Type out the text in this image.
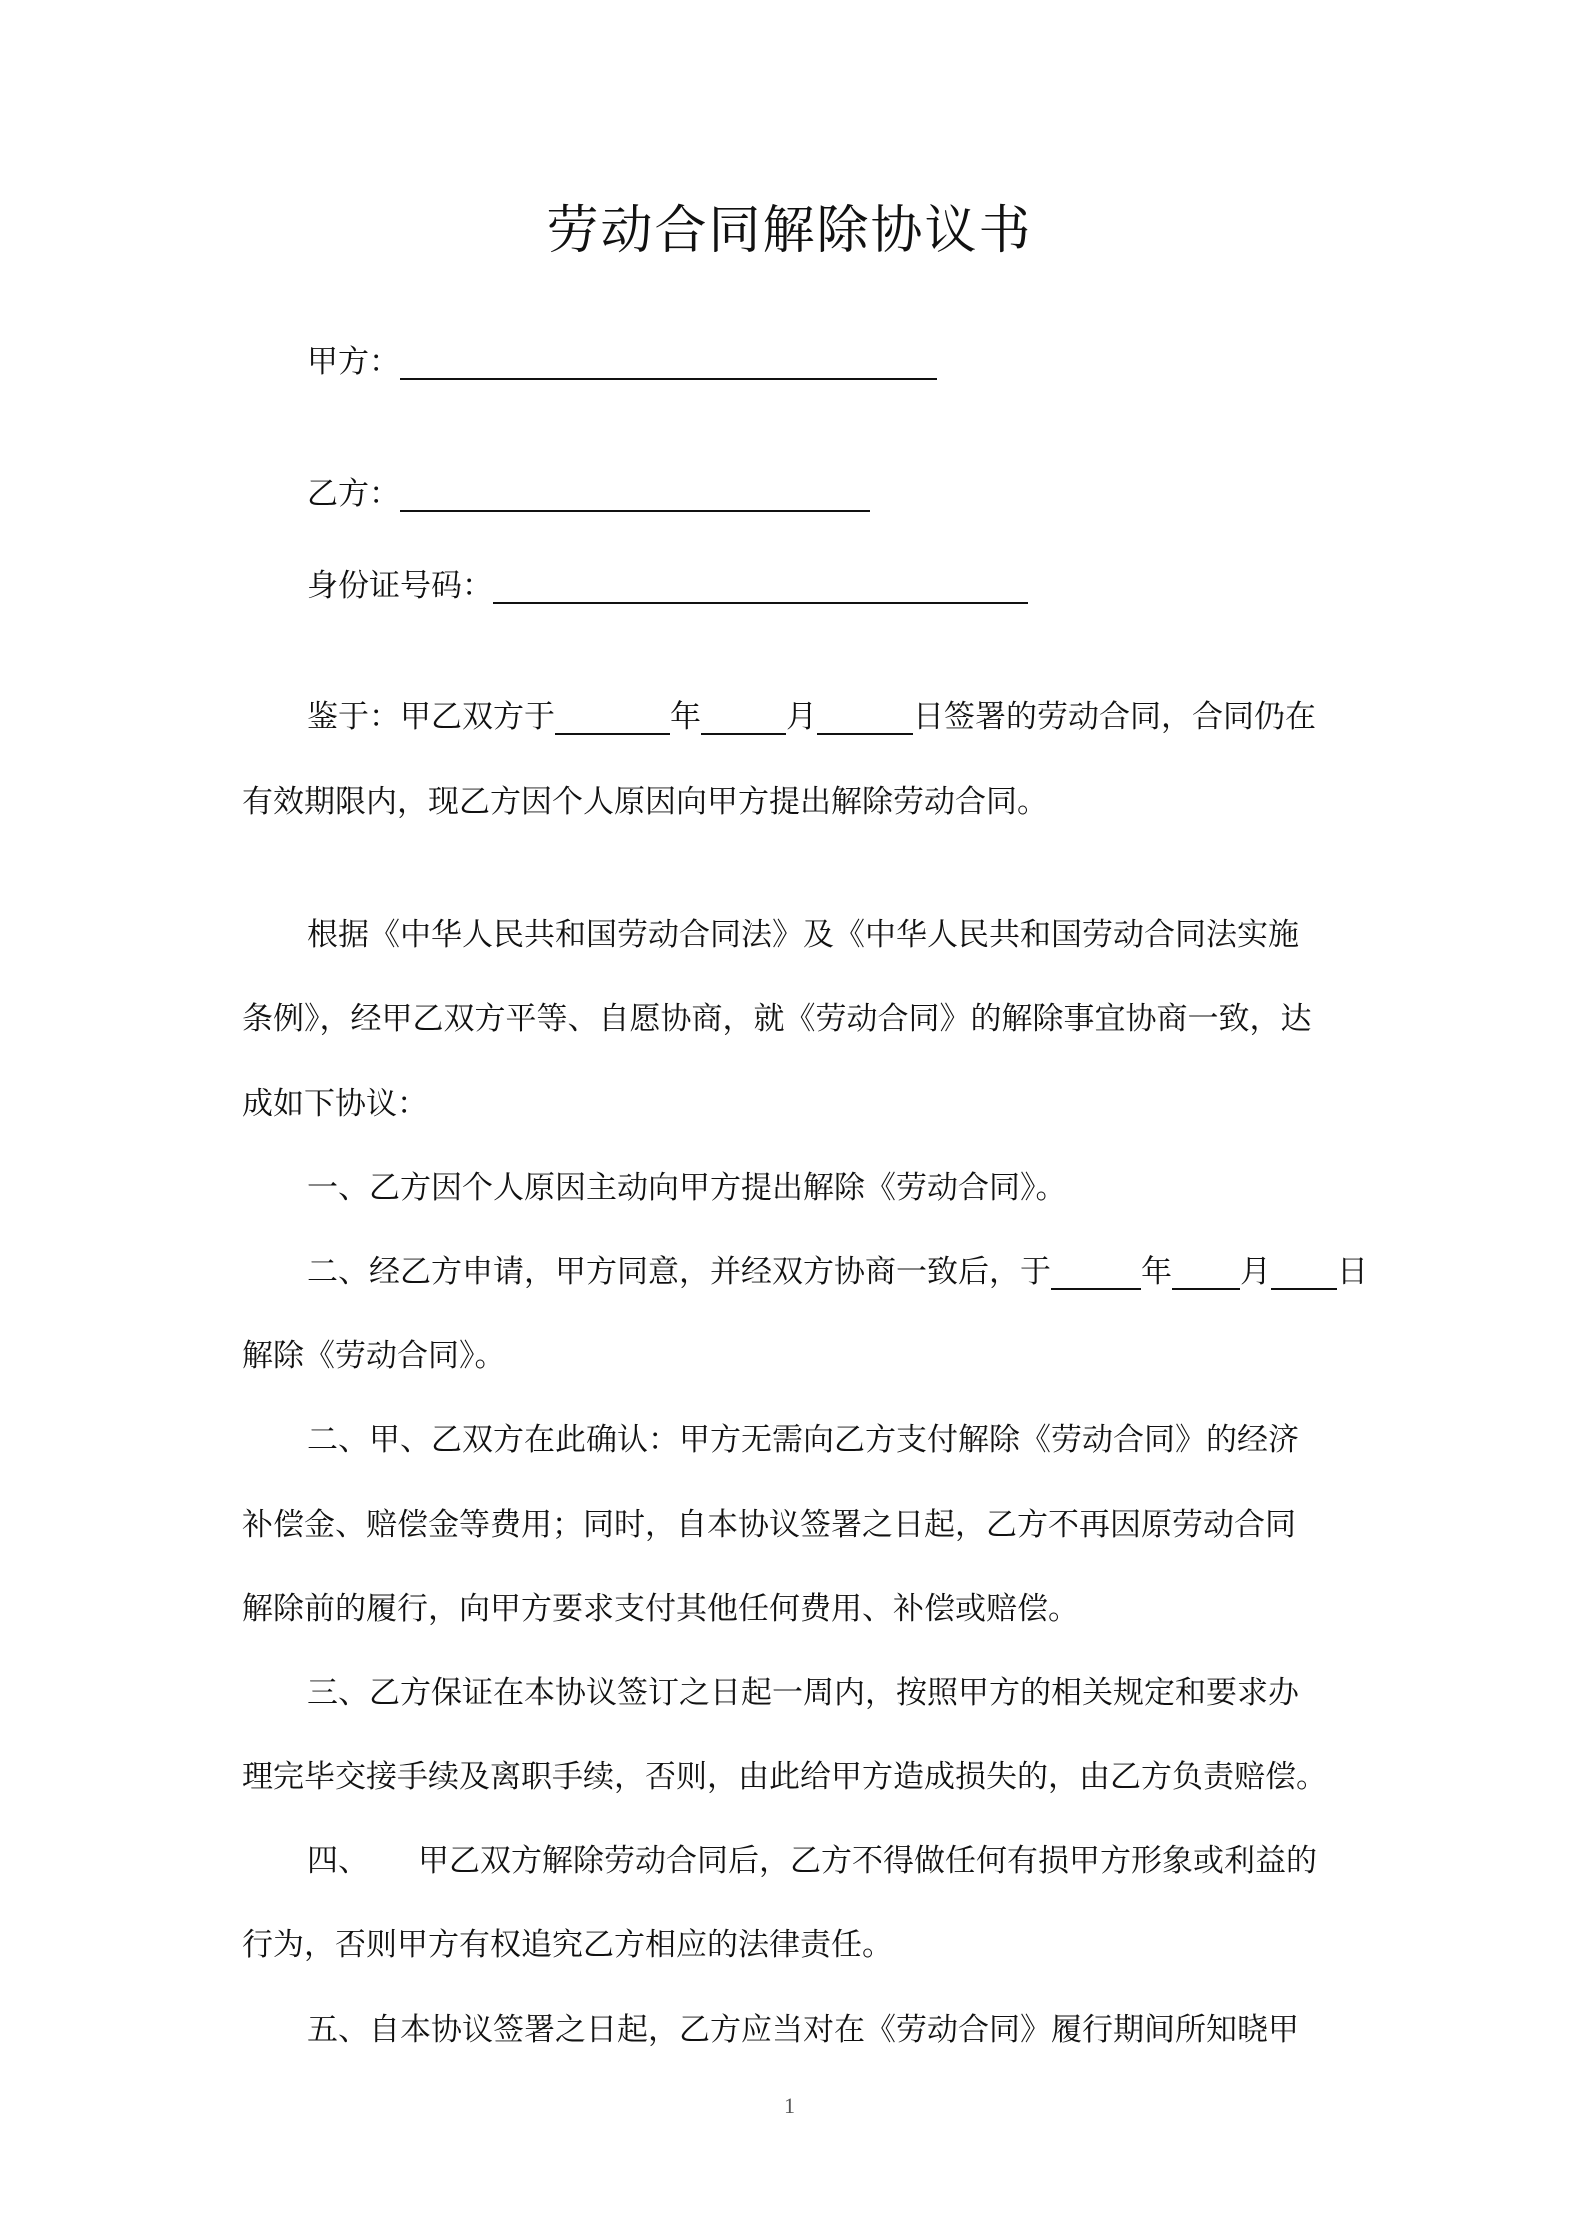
劳动合同解除协议书
甲方：
乙方：
身份证号码：
鉴于：甲乙双方于	年	月	日签署的劳动合同，合同仍在
有效期限内，现乙方因个人原因向甲方提出解除劳动合同。
根据《中华人民共和国劳动合同法》及《中华人民共和国劳动合同法实施
条例》，经甲乙双方平等、自愿协商，就《劳动合同》的解除事宜协商一致，达
成如下协议：
一、乙方因个人原因主动向甲方提出解除《劳动合同》。
二、经乙方申请，甲方同意，并经双方协商一致后，于	年 月 日
解除《劳动合同》。
二、甲、乙双方在此确认：甲方无需向乙方支付解除《劳动合同》的经济
补偿金、赔偿金等费用；同时，自本协议签署之日起，乙方不再因原劳动合同
解除前的履行，向甲方要求支付其他任何费用、补偿或赔偿。
三、乙方保证在本协议签订之日起一周内，按照甲方的相关规定和要求办
理完毕交接手续及离职手续，否则，由此给甲方造成损失的，由乙方负责赔偿。
四、 甲乙双方解除劳动合同后，乙方不得做任何有损甲方形象或利益的
行为，否则甲方有权追究乙方相应的法律责任。
五、自本协议签署之日起，乙方应当对在《劳动合同》履行期间所知晓甲
1
